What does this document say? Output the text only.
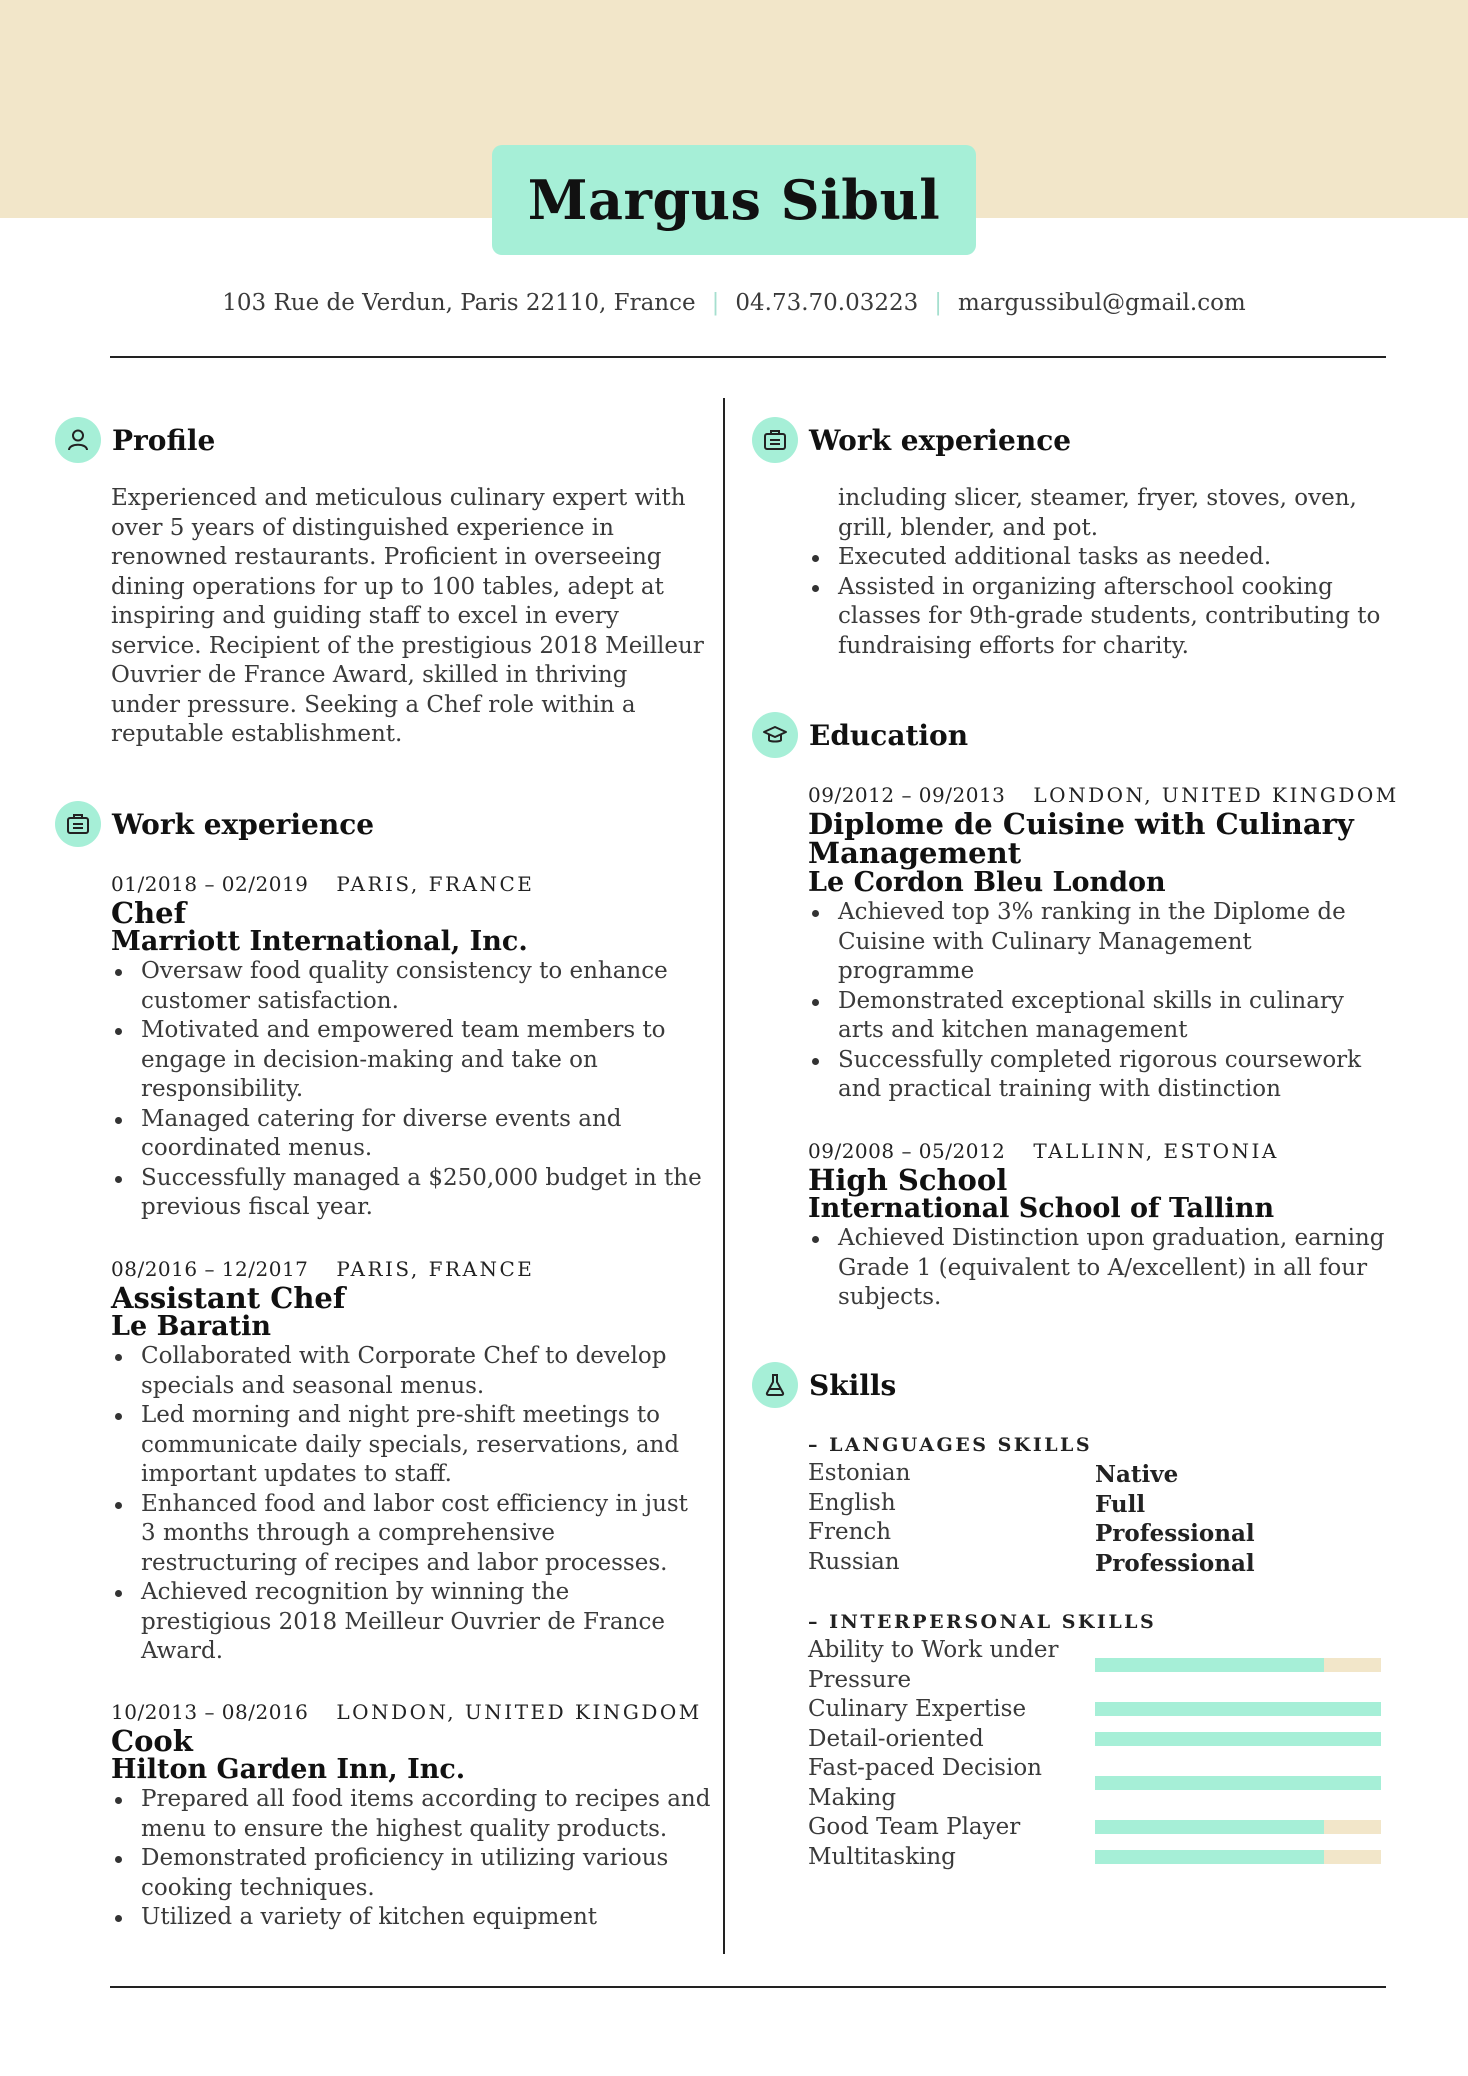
Margus Sibul
103 Rue de Verdun, Paris 22110, France | 04.73.70.03223 | margussibul@gmail.com
Profile
Experienced and meticulous culinary expert with
over 5 years of distinguished experience in
renowned restaurants. Proficient in overseeing
dining operations for up to 100 tables, adept at
inspiring and guiding staff to excel in every
service. Recipient of the prestigious 2018 Meilleur
Ouvrier de France Award, skilled in thriving
under pressure. Seeking a Chef role within a
reputable establishment.
Work experience
01/2018 – 02/2019 PARIS, FRANCE
Chef
Marriott International, Inc.
Oversaw food quality consistency to enhance
customer satisfaction.
Motivated and empowered team members to
engage in decision-making and take on
responsibility.
Managed catering for diverse events and
coordinated menus.
Successfully managed a $250,000 budget in the
previous fiscal year.
08/2016 – 12/2017 PARIS, FRANCE
Assistant Chef
Le Baratin
Collaborated with Corporate Chef to develop
specials and seasonal menus.
Led morning and night pre-shift meetings to
communicate daily specials, reservations, and
important updates to staff.
Enhanced food and labor cost efficiency in just
3 months through a comprehensive
restructuring of recipes and labor processes.
Achieved recognition by winning the
prestigious 2018 Meilleur Ouvrier de France
Award.
10/2013 – 08/2016 LONDON, UNITED KINGDOM
Cook
Hilton Garden Inn, Inc.
Prepared all food items according to recipes and
menu to ensure the highest quality products.
Demonstrated proficiency in utilizing various
cooking techniques.
Utilized a variety of kitchen equipment
Work experience
including slicer, steamer, fryer, stoves, oven,
grill, blender, and pot.
Executed additional tasks as needed.
Assisted in organizing afterschool cooking
classes for 9th-grade students, contributing to
fundraising efforts for charity.
Education
09/2012 – 09/2013 LONDON, UNITED KINGDOM
Diplome de Cuisine with Culinary
Management
Le Cordon Bleu London
Achieved top 3% ranking in the Diplome de
Cuisine with Culinary Management
programme
Demonstrated exceptional skills in culinary
arts and kitchen management
Successfully completed rigorous coursework
and practical training with distinction
09/2008 – 05/2012 TALLINN, ESTONIA
High School
International School of Tallinn
Achieved Distinction upon graduation, earning
Grade 1 (equivalent to A/excellent) in all four
subjects.
Skills
– LANGUAGES SKILLS
Estonian	Native
English	Full
French	Professional
Russian	Professional
– INTERPERSONAL SKILLS
Ability to Work under
Pressure
Culinary Expertise
Detail-oriented
Fast-paced Decision
Making
Good Team Player
Multitasking
